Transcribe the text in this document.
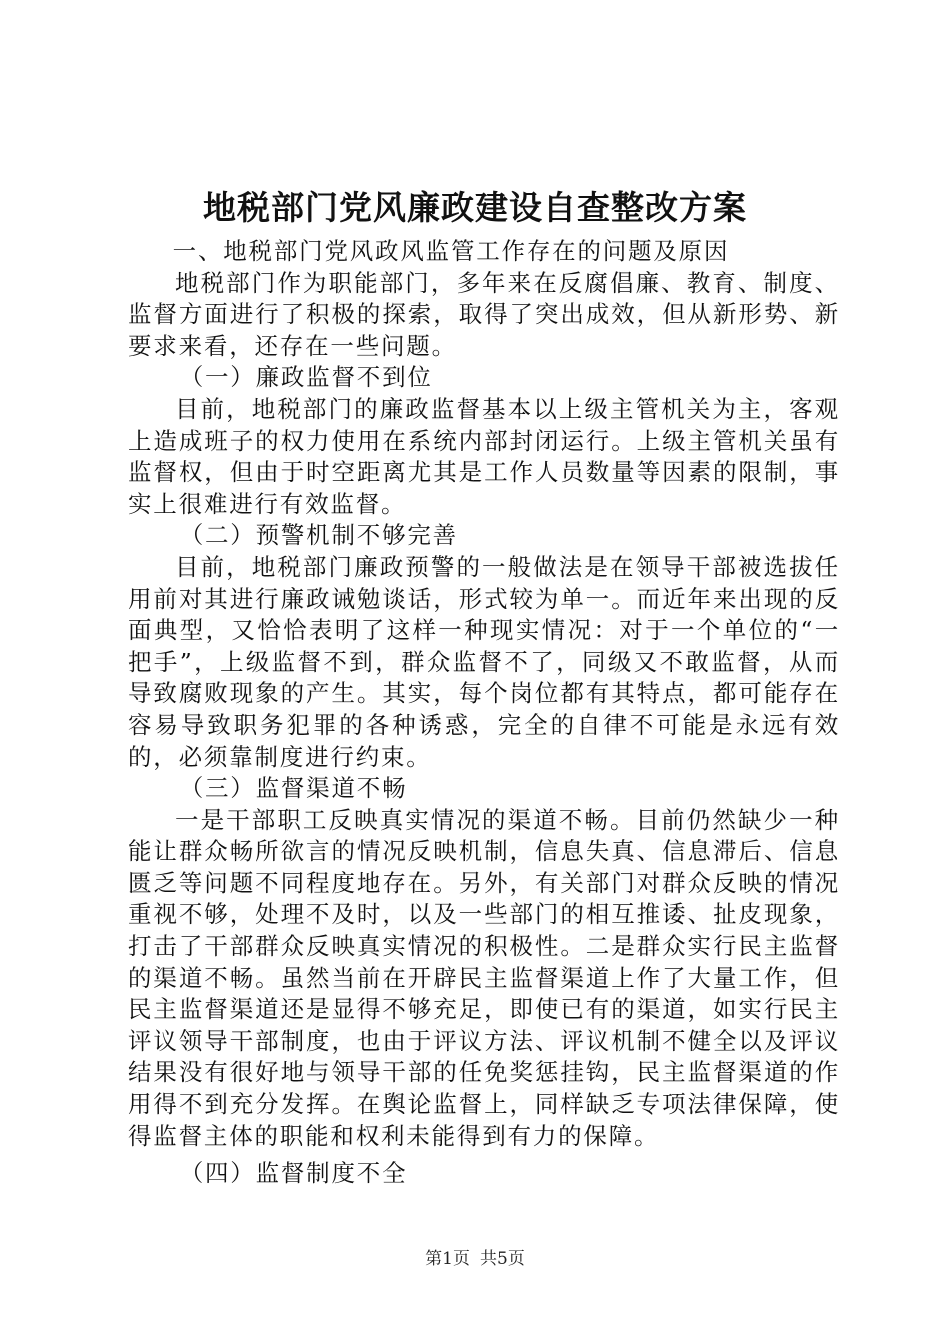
地税部门党风廉政建设自查整改方案

一、地税部门党风政风监管工作存在的问题及原因

地税部门作为职能部门，多年来在反腐倡廉、教育、制度、监督方面进行了积极的探索，取得了突出成效，但从新形势、新要求来看，还存在一些问题。

（一）廉政监督不到位

目前，地税部门的廉政监督基本以上级主管机关为主，客观上造成班子的权力使用在系统内部封闭运行。上级主管机关虽有监督权，但由于时空距离尤其是工作人员数量等因素的限制，事实上很难进行有效监督。

（二）预警机制不够完善

目前，地税部门廉政预警的一般做法是在领导干部被选拔任用前对其进行廉政诫勉谈话，形式较为单一。而近年来出现的反面典型，又恰恰表明了这样一种现实情况：对于一个单位的“一把手”，上级监督不到，群众监督不了，同级又不敢监督，从而导致腐败现象的产生。其实，每个岗位都有其特点，都可能存在容易导致职务犯罪的各种诱惑，完全的自律不可能是永远有效的，必须靠制度进行约束。

（三）监督渠道不畅

一是干部职工反映真实情况的渠道不畅。目前仍然缺少一种能让群众畅所欲言的情况反映机制，信息失真、信息滞后、信息匮乏等问题不同程度地存在。另外，有关部门对群众反映的情况重视不够，处理不及时，以及一些部门的相互推诿、扯皮现象，打击了干部群众反映真实情况的积极性。二是群众实行民主监督的渠道不畅。虽然当前在开辟民主监督渠道上作了大量工作，但民主监督渠道还是显得不够充足，即使已有的渠道，如实行民主评议领导干部制度，也由于评议方法、评议机制不健全以及评议结果没有很好地与领导干部的任免奖惩挂钩，民主监督渠道的作用得不到充分发挥。在舆论监督上，同样缺乏专项法律保障，使得监督主体的职能和权利未能得到有力的保障。

（四）监督制度不全

第1页 共5页
